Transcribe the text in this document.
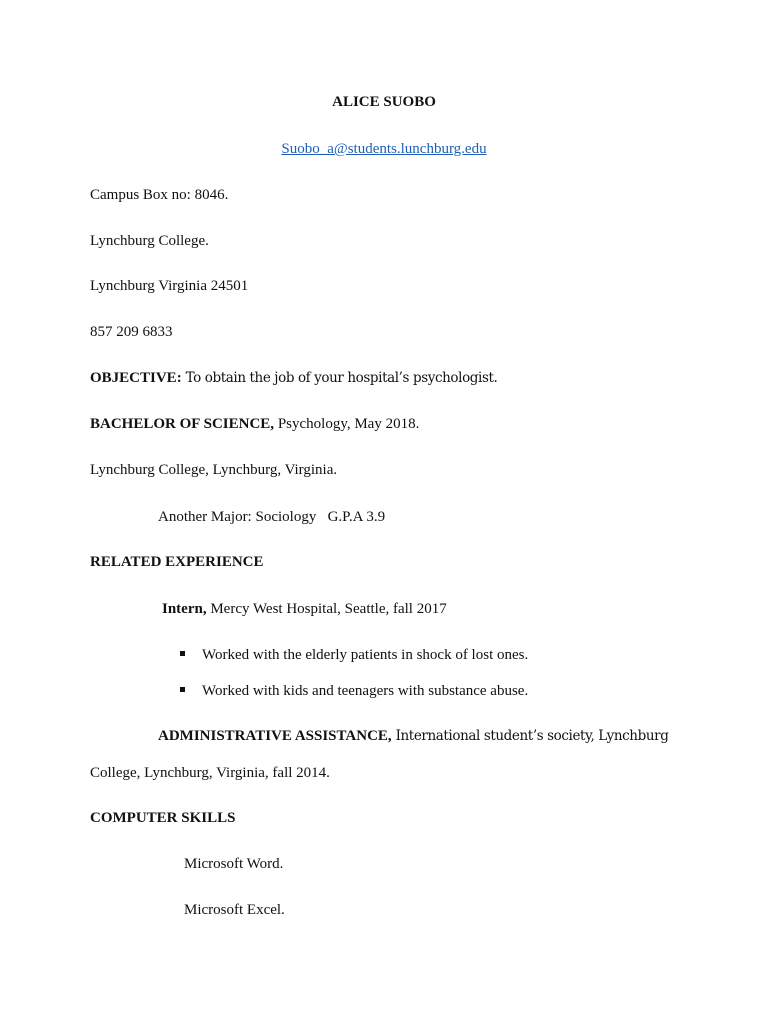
ALICE SUOBO
Suobo_a@students.lunchburg.edu
Campus Box no: 8046.
Lynchburg College.
Lynchburg Virginia 24501
857 209 6833
OBJECTIVE: To obtain the job of your hospital’s psychologist.
BACHELOR OF SCIENCE, Psychology, May 2018.
Lynchburg College, Lynchburg, Virginia.
Another Major: Sociology   G.P.A 3.9
RELATED EXPERIENCE
Intern, Mercy West Hospital, Seattle, fall 2017
Worked with the elderly patients in shock of lost ones.
Worked with kids and teenagers with substance abuse.
ADMINISTRATIVE ASSISTANCE, International student’s society, Lynchburg
College, Lynchburg, Virginia, fall 2014.
COMPUTER SKILLS
Microsoft Word.
Microsoft Excel.
